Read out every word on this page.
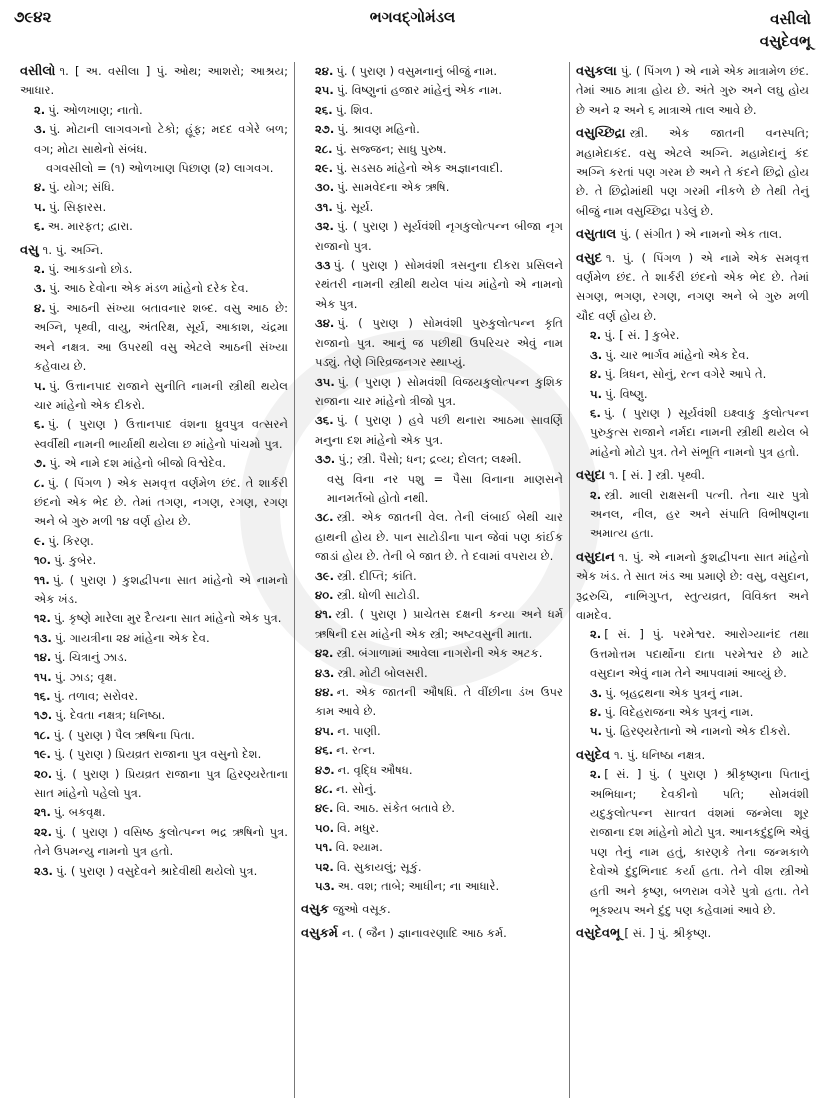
૭૯૪૨	ભગવદ્ગોમંડલ	વસીલો
વસુદેવભૂ
વસીલો ૧. [ અ. વસીલા ] પું. ઓથ; આશરો; આશ્રય; આધાર.
૨. પું. ઓળખાણ; નાતો.
૩. પું. મોટાની લાગવગનો ટેકો; હૂંફ; મદદ વગેરે બળ; વગ; મોટા સાથેનો સંબંધ.
વગવસીલો = (૧) ઓળખાણ પિછાણ (૨) લાગવગ.
૪. પું. યોગ; સંધિ.
૫. પું. સિફારસ.
૬. અ. મારફત; દ્વારા.
વસુ ૧. પું. અગ્નિ.
૨. પું. આકડાનો છોડ.
૩. પું. આઠ દેવોના એક મંડળ માંહેનો દરેક દેવ.
૪. પું. આઠની સંખ્યા બતાવનાર શબ્દ. વસુ આઠ છે: અગ્નિ, પૃથ્વી, વાયુ, અંતરિક્ષ, સૂર્ય, આકાશ, ચંદ્રમા અને નક્ષત્ર. આ ઉપરથી વસુ એટલે આઠની સંખ્યા કહેવાય છે.
૫. પું. ઉત્તાનપાદ રાજાને સુનીતિ નામની સ્ત્રીથી થયેલ ચાર માંહેનો એક દીકરો.
૬. પું. ( પુરાણ ) ઉત્તાનપાદ વંશના ધ્રુવપુત્ર વત્સરને સ્વર્વીથી નામની ભાર્યાથી થયેલા છ માંહેનો પાંચમો પુત્ર.
૭. પું. એ નામે દશ માંહેનો બીજો વિશ્વેદેવ.
૮. પું. ( પિંગળ ) એક સમવૃત્ત વર્ણમેળ છંદ. તે શાર્કરી છંદનો એક ભેદ છે. તેમાં તગણ, નગણ, રગણ, રગણ અને બે ગુરુ મળી ૧૪ વર્ણ હોય છે.
૯. પું. કિરણ.
૧૦. પું. કુબેર.
૧૧. પું. ( પુરાણ ) કુશદ્વીપના સાત માંહેનો એ નામનો એક ખંડ.
૧૨. પું. કૃષ્ણે મારેલા મુર દૈત્યના સાત માંહેનો એક પુત્ર.
૧૩. પું. ગાયત્રીના ૨૪ માંહેના એક દેવ.
૧૪. પું. ચિત્રાનું ઝાડ.
૧૫. પું. ઝાડ; વૃક્ષ.
૧૬. પું. તળાવ; સરોવર.
૧૭. પું. દેવતા નક્ષત્ર; ધનિષ્ઠા.
૧૮. પું. ( પુરાણ ) પૈલ ઋષિના પિતા.
૧૯. પું. ( પુરાણ ) પ્રિયવ્રત રાજાના પુત્ર વસુનો દેશ.
૨૦. પું. ( પુરાણ ) પ્રિયવ્રત રાજાના પુત્ર હિરણ્યરેતાના સાત માંહેનો પહેલો પુત્ર.
૨૧. પું. બકવૃક્ષ.
૨૨. પું. ( પુરાણ ) વસિષ્ઠ કુલોત્પન્ન ભદ્ર ઋષિનો પુત્ર. તેને ઉપમન્યુ નામનો પુત્ર હતો.
૨૩. પું. ( પુરાણ ) વસુદેવને શ્રાદેવીથી થયેલો પુત્ર.
૨૪. પું. ( પુરાણ ) વસુમનાનું બીજું નામ.
૨૫. પું. વિષ્ણુનાં હજાર માંહેનું એક નામ.
૨૬. પું. શિવ.
૨૭. પું. શ્રાવણ મહિનો.
૨૮. પું. સજ્જન; સાધુ પુરુષ.
૨૯. પું. સડસઠ માંહેનો એક અજ્ઞાનવાદી.
૩૦. પું. સામવેદના એક ઋષિ.
૩૧. પું. સૂર્ય.
૩૨. પું. ( પુરાણ ) સૂર્યવંશી નૃગકુલોત્પન્ન બીજા નૃગ રાજાનો પુત્ર.
૩૩ પું. ( પુરાણ ) સોમવંશી ત્રસનુના દીકરા પ્રસિલને રથંતરી નામની સ્ત્રીથી થયેલ પાંચ માંહેનો એ નામનો એક પુત્ર.
૩૪. પું. ( પુરાણ ) સોમવંશી પુરુકુલોત્પન્ન કૃતિ રાજાનો પુત્ર. આનું જ પછીથી ઉપરિચર એવું નામ પડ્યું. તેણે ગિરિવ્રજનગર સ્થાપ્યું.
૩૫. પું. ( પુરાણ ) સોમવંશી વિજયકુલોત્પન્ન કુશિક રાજાના ચાર માંહેનો ત્રીજો પુત્ર.
૩૬. પું. ( પુરાણ ) હવે પછી થનારા આઠમા સાવર્ણિ મનુના દશ માંહેનો એક પુત્ર.
૩૭. પું.; સ્ત્રી. પૈસો; ધન; દ્રવ્ય; દોલત; લક્ષ્મી.
વસુ વિના નર પશુ = પૈસા વિનાના માણસને માનમર્તબો હોતો નથી.
૩૮. સ્ત્રી. એક જાતની વેલ. તેની લંબાઈ બેથી ચાર હાથની હોય છે. પાન સાટોડીના પાન જેવાં પણ કાંઈક જાડાં હોય છે. તેની બે જાત છે. તે દવામાં વપરાય છે.
૩૯. સ્ત્રી. દીપ્તિ; કાંતિ.
૪૦. સ્ત્રી. ધોળી સાટોડી.
૪૧. સ્ત્રી. ( પુરાણ ) પ્રાચેતસ દક્ષની કન્યા અને ધર્મ ઋષિની દસ માંહેની એક સ્ત્રી; અષ્ટવસુની માતા.
૪૨. સ્ત્રી. બંગાળામાં આવેલા નાગરોની એક અટક.
૪૩. સ્ત્રી. મોટી બોલસરી.
૪૪. ન. એક જાતની ઔષધિ. તે વીંછીના ડંખ ઉપર કામ આવે છે.
૪૫. ન. પાણી.
૪૬. ન. રત્ન.
૪૭. ન. વૃદ્ધિ ઔષધ.
૪૮. ન. સોનું.
૪૯. વિ. આઠ. સંકેત બતાવે છે.
૫૦. વિ. મધુર.
૫૧. વિ. શ્યામ.
૫૨. વિ. સુકાયલું; સૂકું.
૫૩. અ. વશ; તાબે; આધીન; ના આધારે.
વસુક જુઓ વસૂક.
વસુકર્મ ન. ( જૈન ) જ્ઞાનાવરણાદિ આઠ કર્મ.
વસુકલા પું. ( પિંગળ ) એ નામે એક માત્રામેળ છંદ. તેમાં આઠ માત્રા હોય છે. અંતે ગુરુ અને લઘુ હોય છે અને ૨ અને ૬ માત્રાએ તાલ આવે છે.
વસુચ્છિદ્રા સ્ત્રી. એક જાતની વનસ્પતિ; મહામેદાકંદ. વસુ એટલે અગ્નિ. મહામેદાનું કંદ અગ્નિ કરતાં પણ ગરમ છે અને તે કંદને છિદ્રો હોય છે. તે છિદ્રોમાંથી પણ ગરમી નીકળે છે તેથી તેનું બીજું નામ વસુચ્છિદ્રા પડેલું છે.
વસુતાલ પું. ( સંગીત ) એ નામનો એક તાલ.
વસુદ ૧. પું. ( પિંગળ ) એ નામે એક સમવૃત્ત વર્ણમેળ છંદ. તે શાર્કરી છંદનો એક ભેદ છે. તેમાં સગણ, ભગણ, રગણ, નગણ અને બે ગુરુ મળી ચૌદ વર્ણ હોય છે.
૨. પું. [ સં. ] કુબેર.
૩. પું. ચાર ભાર્ગવ માંહેનો એક દેવ.
૪. પું. ત્રિધન, સોનું, રત્ન વગેરે આપે તે.
૫. પું. વિષ્ણુ.
૬. પું. ( પુરાણ ) સૂર્યવંશી ઇક્ષ્વાકુ કુલોત્પન્ન પુરુકુત્સ રાજાને નર્મદા નામની સ્ત્રીથી થયેલ બે માંહેનો મોટો પુત્ર. તેને સંભૂતિ નામનો પુત્ર હતો.
વસુદા ૧. [ સં. ] સ્ત્રી. પૃથ્વી.
૨. સ્ત્રી. માલી રાક્ષસની પત્ની. તેના ચાર પુત્રો અનલ, નીલ, હર અને સંપાતિ વિભીષણના અમાત્ય હતા.
વસુદાન ૧. પું. એ નામનો કુશદ્વીપના સાત માંહેનો એક ખંડ. તે સાત ખંડ આ પ્રમાણે છે: વસુ, વસુદાન, રૂદ્રરુચિ, નાભિગુપ્ત, સ્તુત્યવ્રત, વિવિક્ત અને વામદેવ.
૨. [ સં. ] પું. પરમેશ્વર. આરોગ્યાનંદ તથા ઉત્તમોત્તમ પદાર્થોના દાતા પરમેશ્વર છે માટે વસુદાન એવું નામ તેને આપવામાં આવ્યું છે.
૩. પું. બૃહદ્રથના એક પુત્રનું નામ.
૪. પું. વિદેહરાજના એક પુત્રનું નામ.
૫. પું. હિરણ્યરેતાનો એ નામનો એક દીકરો.
વસુદેવ ૧. પું. ધનિષ્ઠા નક્ષત્ર.
૨. [ સં. ] પું. ( પુરાણ ) શ્રીકૃષ્ણના પિતાનું અભિધાન; દેવકીનો પતિ; સોમવંશી યદુકુલોત્પન્ન સાત્વત વંશમાં જન્મેલા શૂર રાજાના દશ માંહેનો મોટો પુત્ર. આનકદુંદુભિ એવું પણ તેનું નામ હતું, કારણકે તેના જન્મકાળે દેવોએ દુંદુભિનાદ કર્યા હતા. તેને વીશ સ્ત્રીઓ હતી અને કૃષ્ણ, બળરામ વગેરે પુત્રો હતા. તેને ભૂકશ્યપ અને દુંદુ પણ કહેવામાં આવે છે.
વસુદેવભૂ [ સં. ] પું. શ્રીકૃષ્ણ.
